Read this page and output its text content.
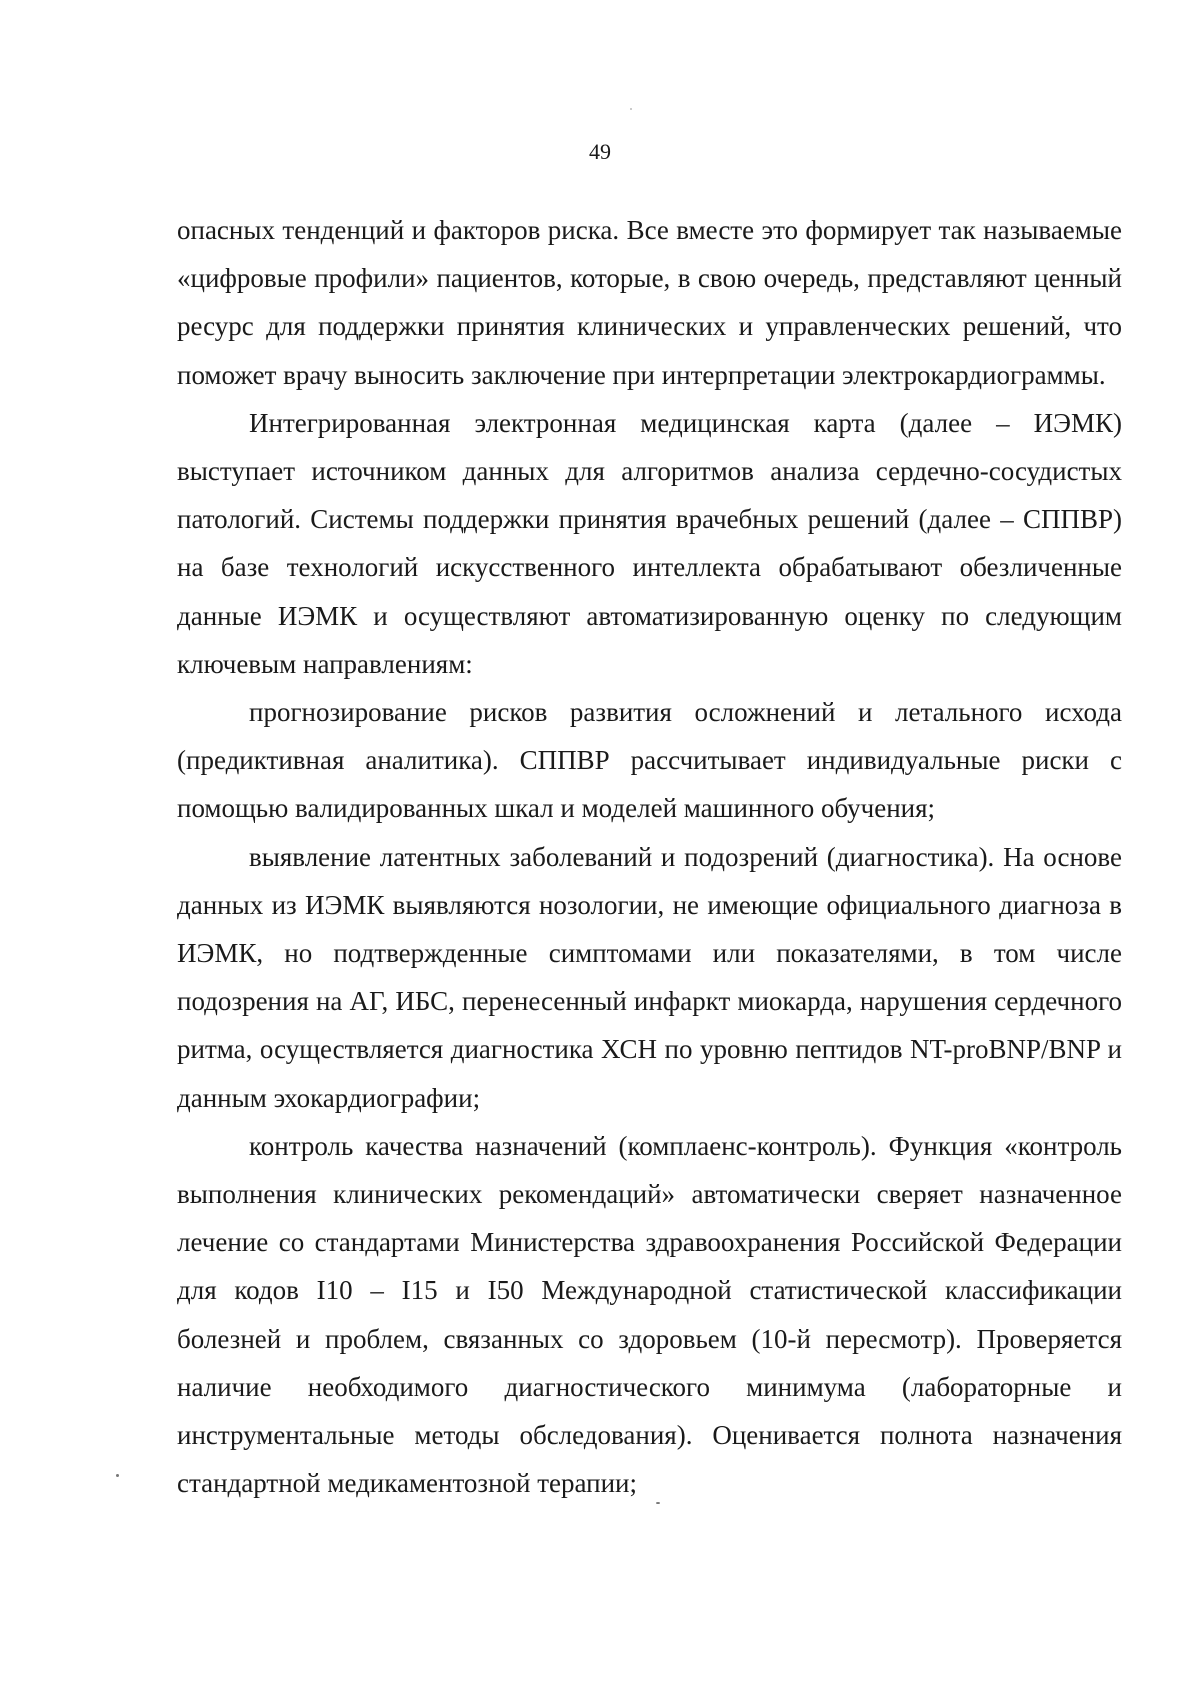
49

опасных тенденций и факторов риска. Все вместе это формирует так называемые «цифровые профили» пациентов, которые, в свою очередь, представляют ценный ресурс для поддержки принятия клинических и управленческих решений, что поможет врачу выносить заключение при интерпретации электрокардиограммы.

Интегрированная электронная медицинская карта (далее – ИЭМК) выступает источником данных для алгоритмов анализа сердечно-сосудистых патологий. Системы поддержки принятия врачебных решений (далее – СППВР) на базе технологий искусственного интеллекта обрабатывают обезличенные данные ИЭМК и осуществляют автоматизированную оценку по следующим ключевым направлениям:

прогнозирование рисков развития осложнений и летального исхода (предиктивная аналитика). СППВР рассчитывает индивидуальные риски с помощью валидированных шкал и моделей машинного обучения;

выявление латентных заболеваний и подозрений (диагностика). На основе данных из ИЭМК выявляются нозологии, не имеющие официального диагноза в ИЭМК, но подтвержденные симптомами или показателями, в том числе подозрения на АГ, ИБС, перенесенный инфаркт миокарда, нарушения сердечного ритма, осуществляется диагностика ХСН по уровню пептидов NT-proBNP/BNP и данным эхокардиографии;

контроль качества назначений (комплаенс-контроль). Функция «контроль выполнения клинических рекомендаций» автоматически сверяет назначенное лечение со стандартами Министерства здравоохранения Российской Федерации для кодов I10 – I15 и I50 Международной статистической классификации болезней и проблем, связанных со здоровьем (10-й пересмотр). Проверяется наличие необходимого диагностического минимума (лабораторные и инструментальные методы обследования). Оценивается полнота назначения стандартной медикаментозной терапии;
